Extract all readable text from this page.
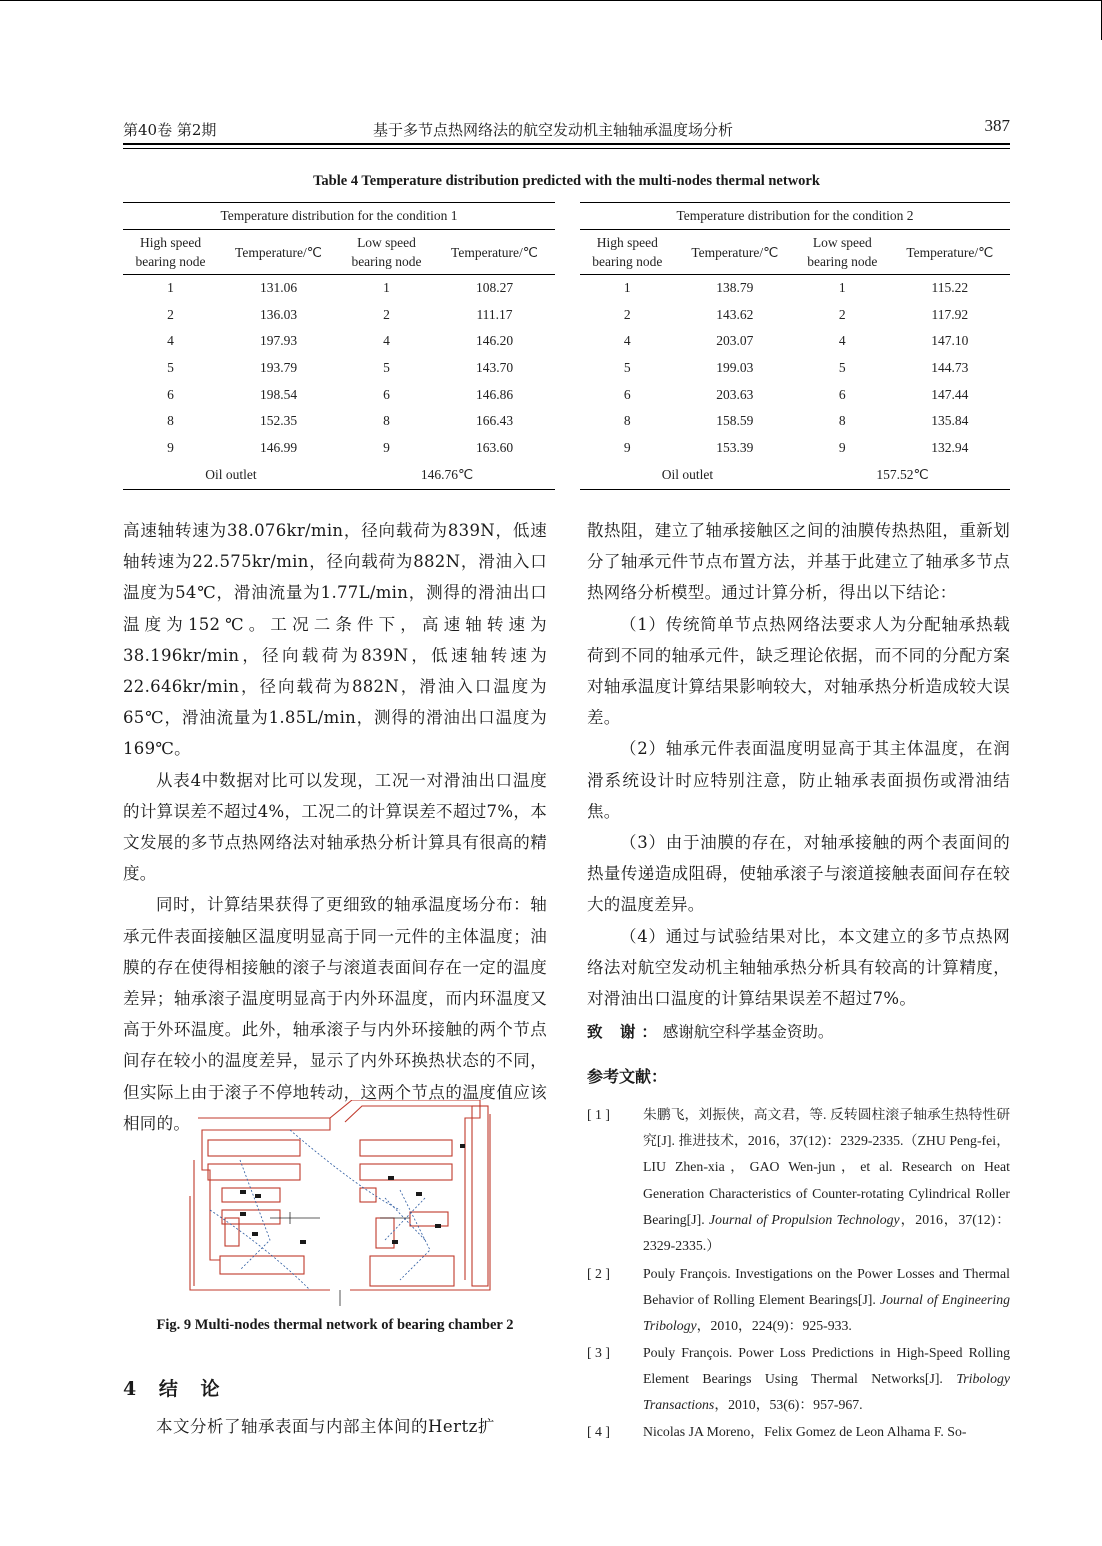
第40卷 第2期	基于多节点热网络法的航空发动机主轴轴承温度场分析	387
Table 4 Temperature distribution predicted with the multi-nodes thermal network
Temperature distribution for the condition 1			
High speed
bearing node	Temperature/℃	Low speed
bearing node	Temperature/℃
1	131.06	1	108.27
2	136.03	2	111.17
4	197.93	4	146.20
5	193.79	5	143.70
6	198.54	6	146.86
8	152.35	8	166.43
9	146.99	9	163.60
Oil outlet		146.76℃	
Temperature distribution for the condition 2			
High speed
bearing node	Temperature/℃	Low speed
bearing node	Temperature/℃
1	138.79	1	115.22
2	143.62	2	117.92
4	203.07	4	147.10
5	199.03	5	144.73
6	203.63	6	147.44
8	158.59	8	135.84
9	153.39	9	132.94
Oil outlet		157.52℃	

高速轴转速为38.076kr/min，径向载荷为839N，低速轴转速为22.575kr/min，径向载荷为882N，滑油入口温度为54℃，滑油流量为1.77L/min，测得的滑油出口温度为152℃。工况二条件下，高速轴转速为38.196kr/min，径向载荷为839N，低速轴转速为22.646kr/min，径向载荷为882N，滑油入口温度为65℃，滑油流量为1.85L/min，测得的滑油出口温度为169℃。

从表4中数据对比可以发现，工况一对滑油出口温度的计算误差不超过4%，工况二的计算误差不超过7%，本文发展的多节点热网络法对轴承热分析计算具有很高的精度。

同时，计算结果获得了更细致的轴承温度场分布：轴承元件表面接触区温度明显高于同一元件的主体温度；油膜的存在使得相接触的滚子与滚道表面间存在一定的温度差异；轴承滚子温度明显高于内外环温度，而内环温度又高于外环温度。此外，轴承滚子与内外环接触的两个节点间存在较小的温度差异，显示了内外环换热状态的不同，但实际上由于滚子不停地转动，这两个节点的温度值应该相同的。

Fig. 9 Multi-nodes thermal network of bearing chamber 2
4 结 论
本文分析了轴承表面与内部主体间的Hertz扩

散热阻，建立了轴承接触区之间的油膜传热热阻，重新划分了轴承元件节点布置方法，并基于此建立了轴承多节点热网络分析模型。通过计算分析，得出以下结论：

（1）传统简单节点热网络法要求人为分配轴承热载荷到不同的轴承元件，缺乏理论依据，而不同的分配方案对轴承温度计算结果影响较大，对轴承热分析造成较大误差。

（2）轴承元件表面温度明显高于其主体温度，在润滑系统设计时应特别注意，防止轴承表面损伤或滑油结焦。

（3）由于油膜的存在，对轴承接触的两个表面间的热量传递造成阻碍，使轴承滚子与滚道接触表面间存在较大的温度差异。

（4）通过与试验结果对比，本文建立的多节点热网络法对航空发动机主轴轴承热分析具有较高的计算精度，对滑油出口温度的计算结果误差不超过7%。

致 谢：感谢航空科学基金资助。
参考文献：
[ 1 ]	朱鹏飞，刘振侠，高文君，等. 反转圆柱滚子轴承生热特性研究[J]. 推进技术，2016，37(12)：2329-2335.（ZHU Peng-fei，LIU Zhen-xia，GAO Wen-jun，et al. Research on Heat Generation Characteristics of Counter-rotating Cylindrical Roller Bearing[J]. Journal of Propulsion Technology，2016，37(12)：2329-2335.）
[ 2 ]	Pouly François. Investigations on the Power Losses and Thermal Behavior of Rolling Element Bearings[J]. Journal of Engineering Tribology，2010，224(9)：925-933.
[ 3 ]	Pouly François. Power Loss Predictions in High-Speed Rolling Element Bearings Using Thermal Networks[J]. Tribology Transactions，2010，53(6)：957-967.
[ 4 ]	Nicolas JA Moreno，Felix Gomez de Leon Alhama F. So-
